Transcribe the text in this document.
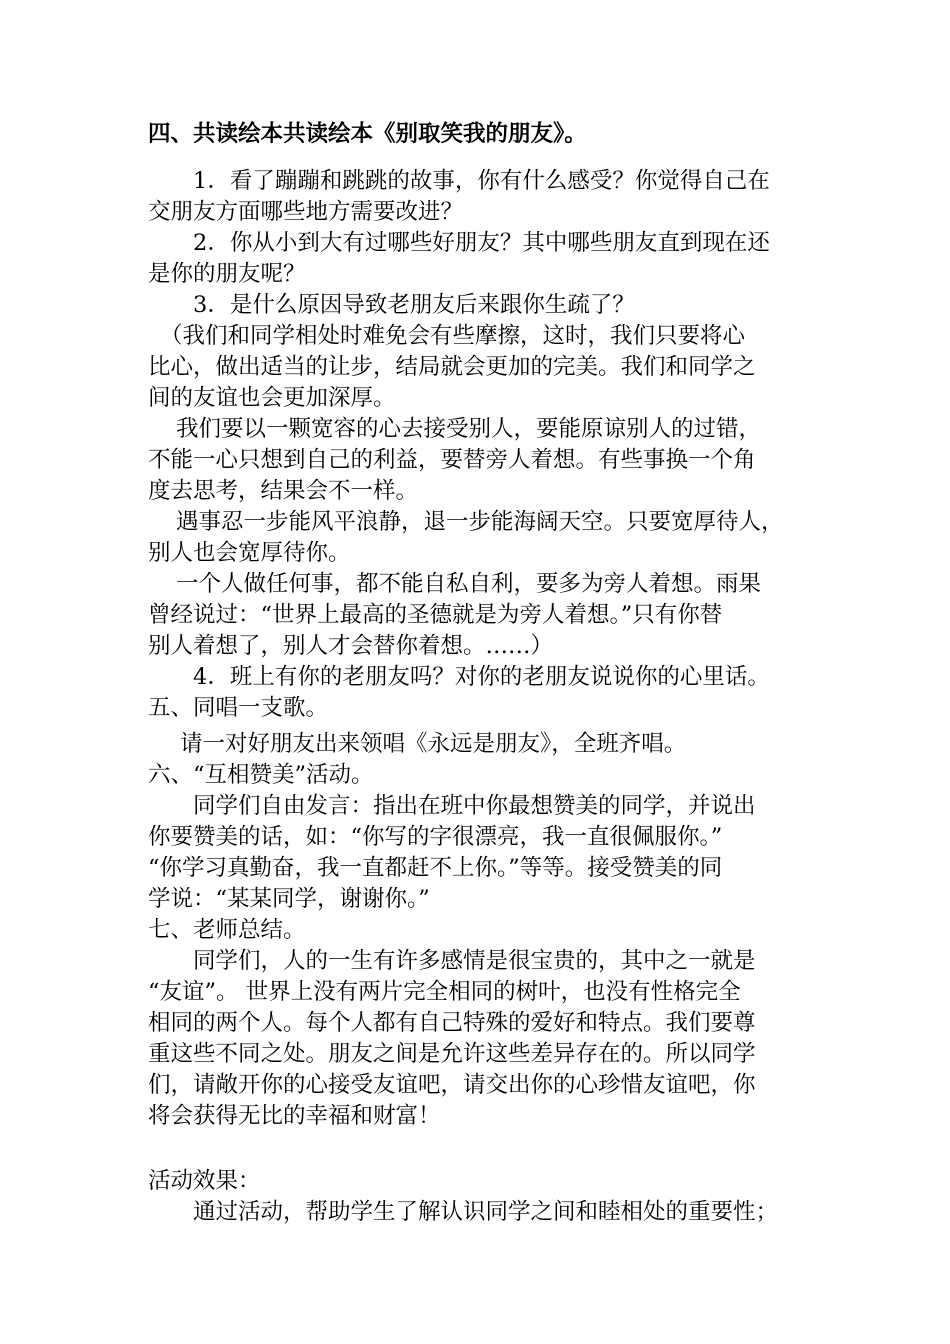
四、共读绘本共读绘本《别取笑我的朋友》。
1．看了蹦蹦和跳跳的故事，你有什么感受？你觉得自己在
交朋友方面哪些地方需要改进？
2．你从小到大有过哪些好朋友？其中哪些朋友直到现在还
是你的朋友呢？
3．是什么原因导致老朋友后来跟你生疏了？
（我们和同学相处时难免会有些摩擦，这时，我们只要将心
比心，做出适当的让步，结局就会更加的完美。我们和同学之
间的友谊也会更加深厚。
我们要以一颗宽容的心去接受别人，要能原谅别人的过错，
不能一心只想到自己的利益，要替旁人着想。有些事换一个角
度去思考，结果会不一样。
遇事忍一步能风平浪静，退一步能海阔天空。只要宽厚待人，
别人也会宽厚待你。
一个人做任何事，都不能自私自利，要多为旁人着想。雨果
曾经说过：“世界上最高的圣德就是为旁人着想。”只有你替
别人着想了，别人才会替你着想。……）
4．班上有你的老朋友吗？对你的老朋友说说你的心里话。
五、同唱一支歌。
请一对好朋友出来领唱《永远是朋友》，全班齐唱。
六、“互相赞美”活动。
同学们自由发言：指出在班中你最想赞美的同学，并说出
你要赞美的话，如：“你写的字很漂亮，我一直很佩服你。”
“你学习真勤奋，我一直都赶不上你。”等等。接受赞美的同
学说：“某某同学，谢谢你。”
七、老师总结。
同学们，人的一生有许多感情是很宝贵的，其中之一就是
“友谊”。 世界上没有两片完全相同的树叶，也没有性格完全
相同的两个人。每个人都有自己特殊的爱好和特点。我们要尊
重这些不同之处。朋友之间是允许这些差异存在的。所以同学
们，请敞开你的心接受友谊吧，请交出你的心珍惜友谊吧，你
将会获得无比的幸福和财富！
活动效果：
通过活动，帮助学生了解认识同学之间和睦相处的重要性；
